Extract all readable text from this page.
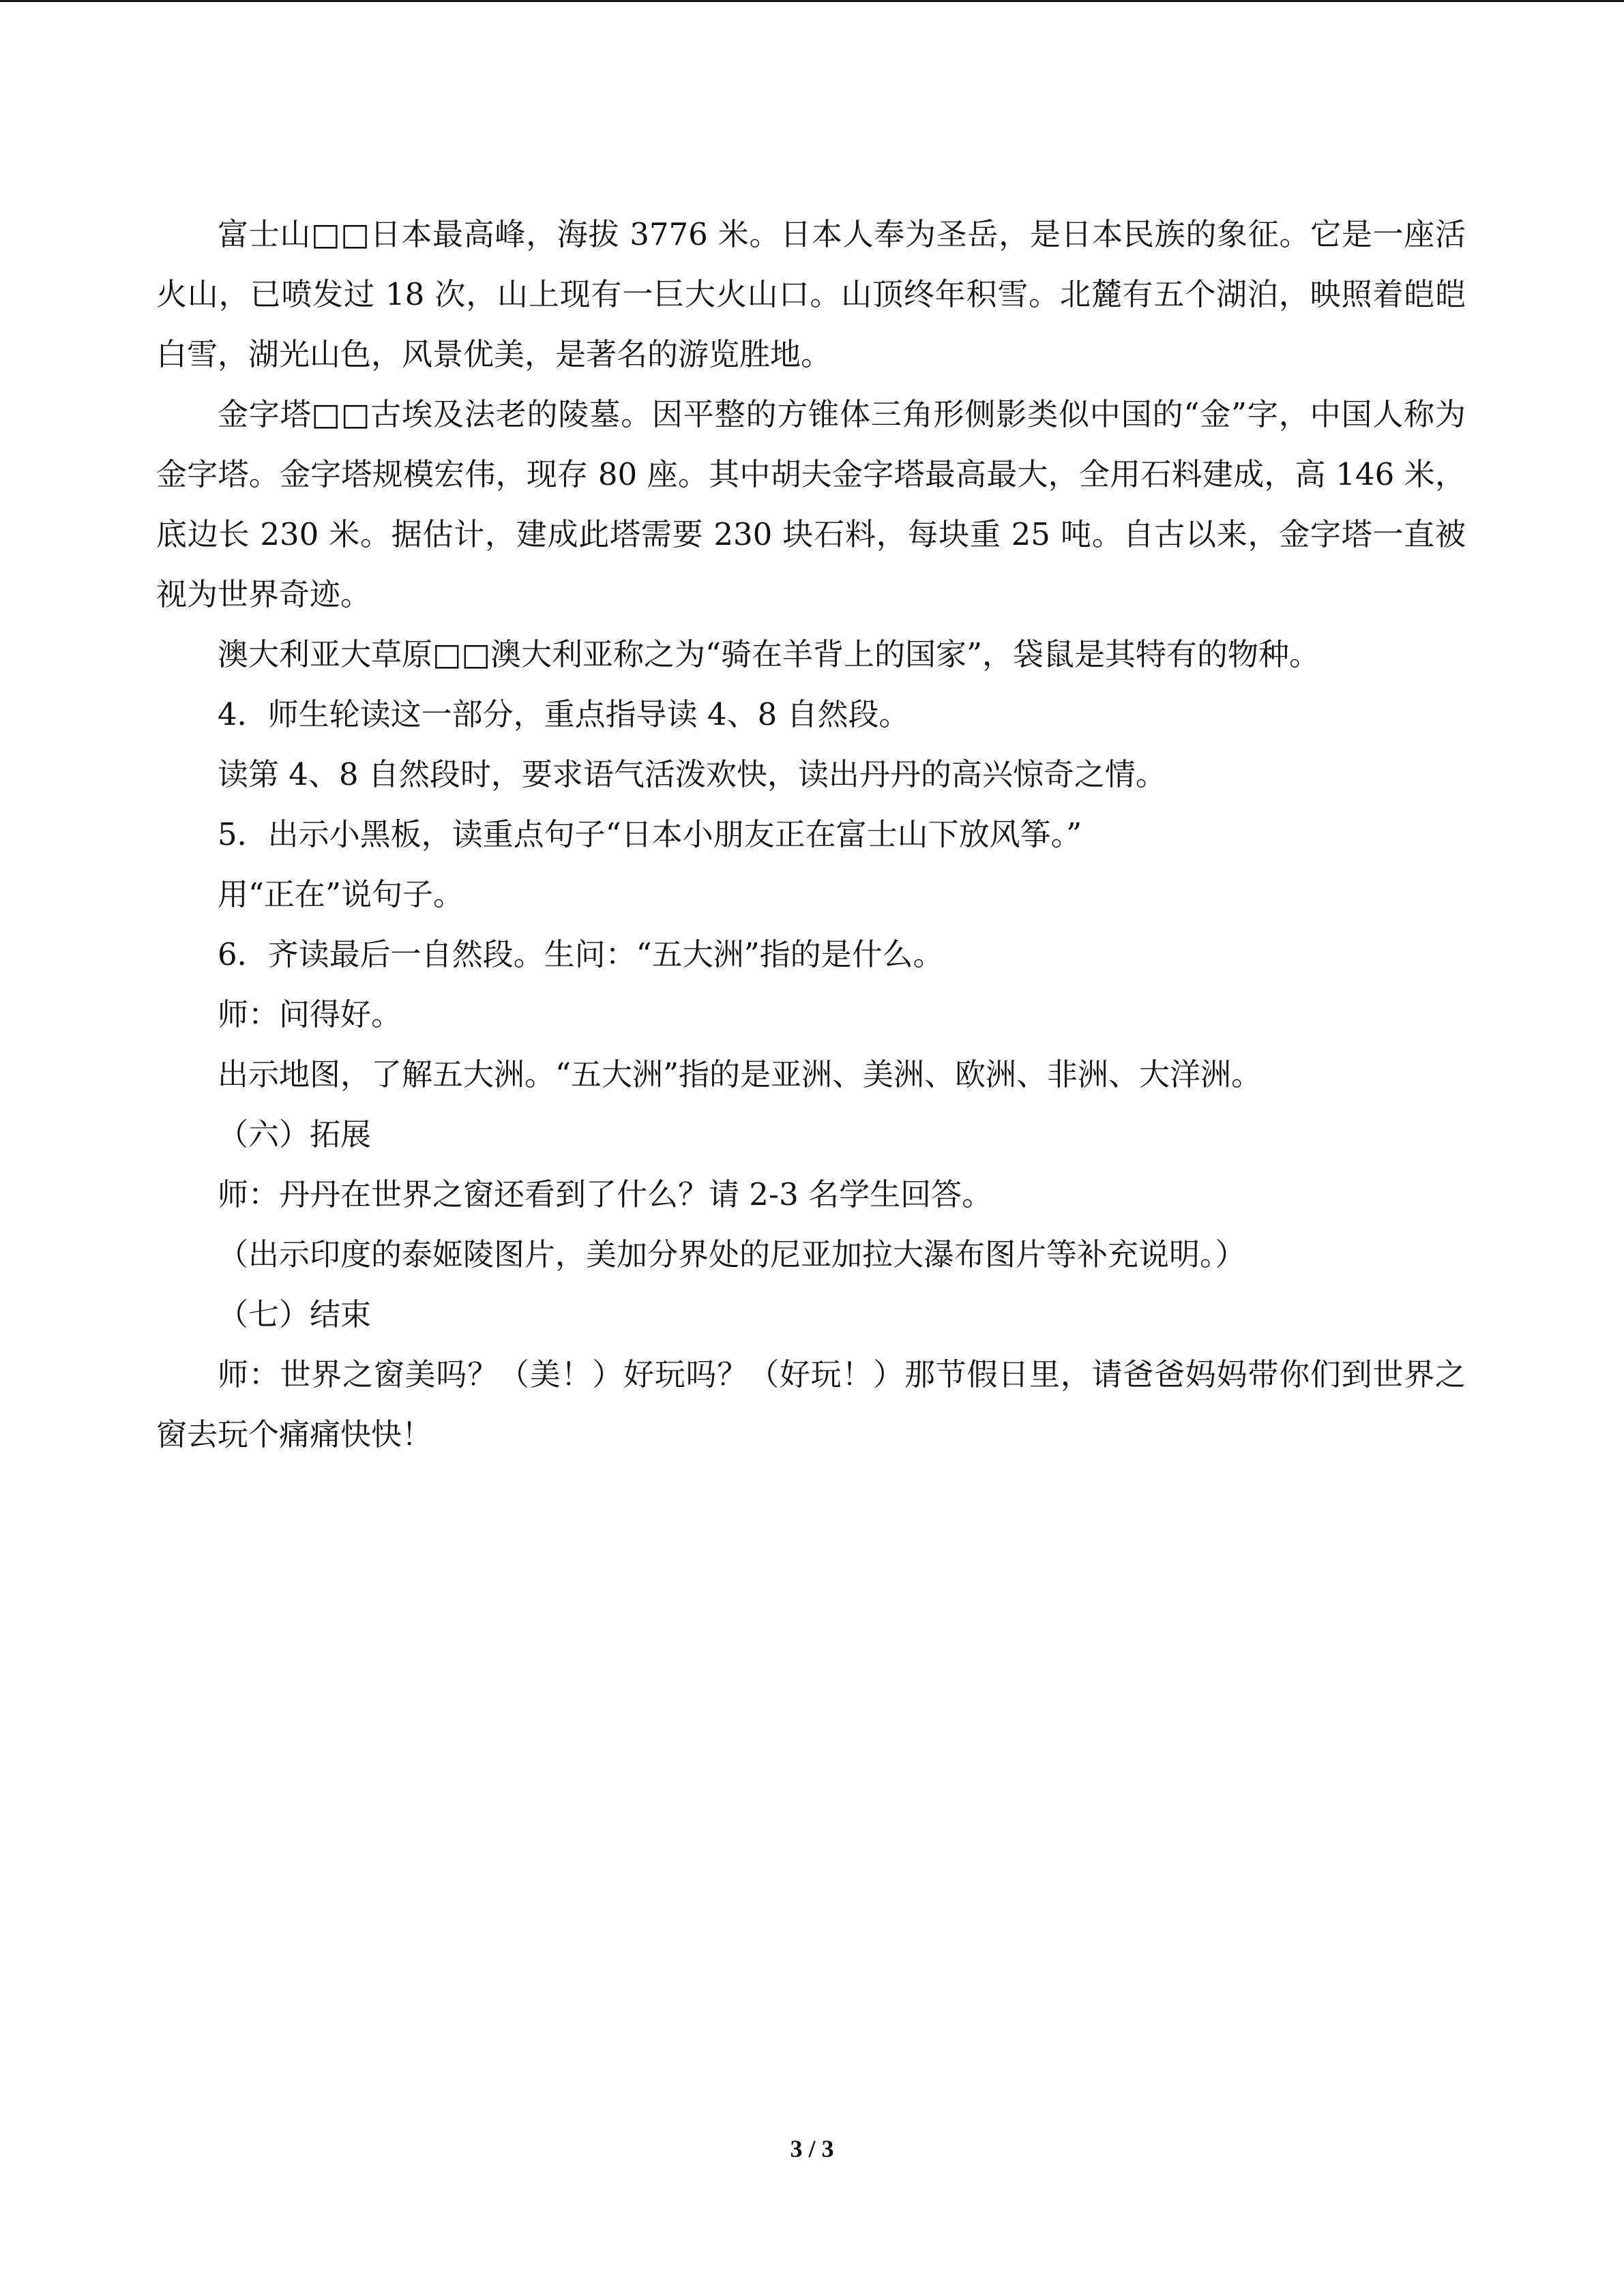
富士山□□日本最高峰，海拔 3776 米。日本人奉为圣岳，是日本民族的象征。它是一座活火山，已喷发过 18 次，山上现有一巨大火山口。山顶终年积雪。北麓有五个湖泊，映照着皑皑白雪，湖光山色，风景优美，是著名的游览胜地。

金字塔□□古埃及法老的陵墓。因平整的方锥体三角形侧影类似中国的“金”字，中国人称为金字塔。金字塔规模宏伟，现存 80 座。其中胡夫金字塔最高最大，全用石料建成，高 146 米，底边长 230 米。据估计，建成此塔需要 230 块石料，每块重 25 吨。自古以来，金字塔一直被视为世界奇迹。

澳大利亚大草原□□澳大利亚称之为“骑在羊背上的国家”，袋鼠是其特有的物种。

4．师生轮读这一部分，重点指导读 4、8 自然段。

读第 4、8 自然段时，要求语气活泼欢快，读出丹丹的高兴惊奇之情。

5．出示小黑板，读重点句子“日本小朋友正在富士山下放风筝。”

用“正在”说句子。

6．齐读最后一自然段。生问：“五大洲”指的是什么。

师：问得好。

出示地图，了解五大洲。“五大洲”指的是亚洲、美洲、欧洲、非洲、大洋洲。

（六）拓展

师：丹丹在世界之窗还看到了什么？请 2-3 名学生回答。

（出示印度的泰姬陵图片，美加分界处的尼亚加拉大瀑布图片等补充说明。）

（七）结束

师：世界之窗美吗？（美！）好玩吗？（好玩！）那节假日里，请爸爸妈妈带你们到世界之窗去玩个痛痛快快！

3 / 3
